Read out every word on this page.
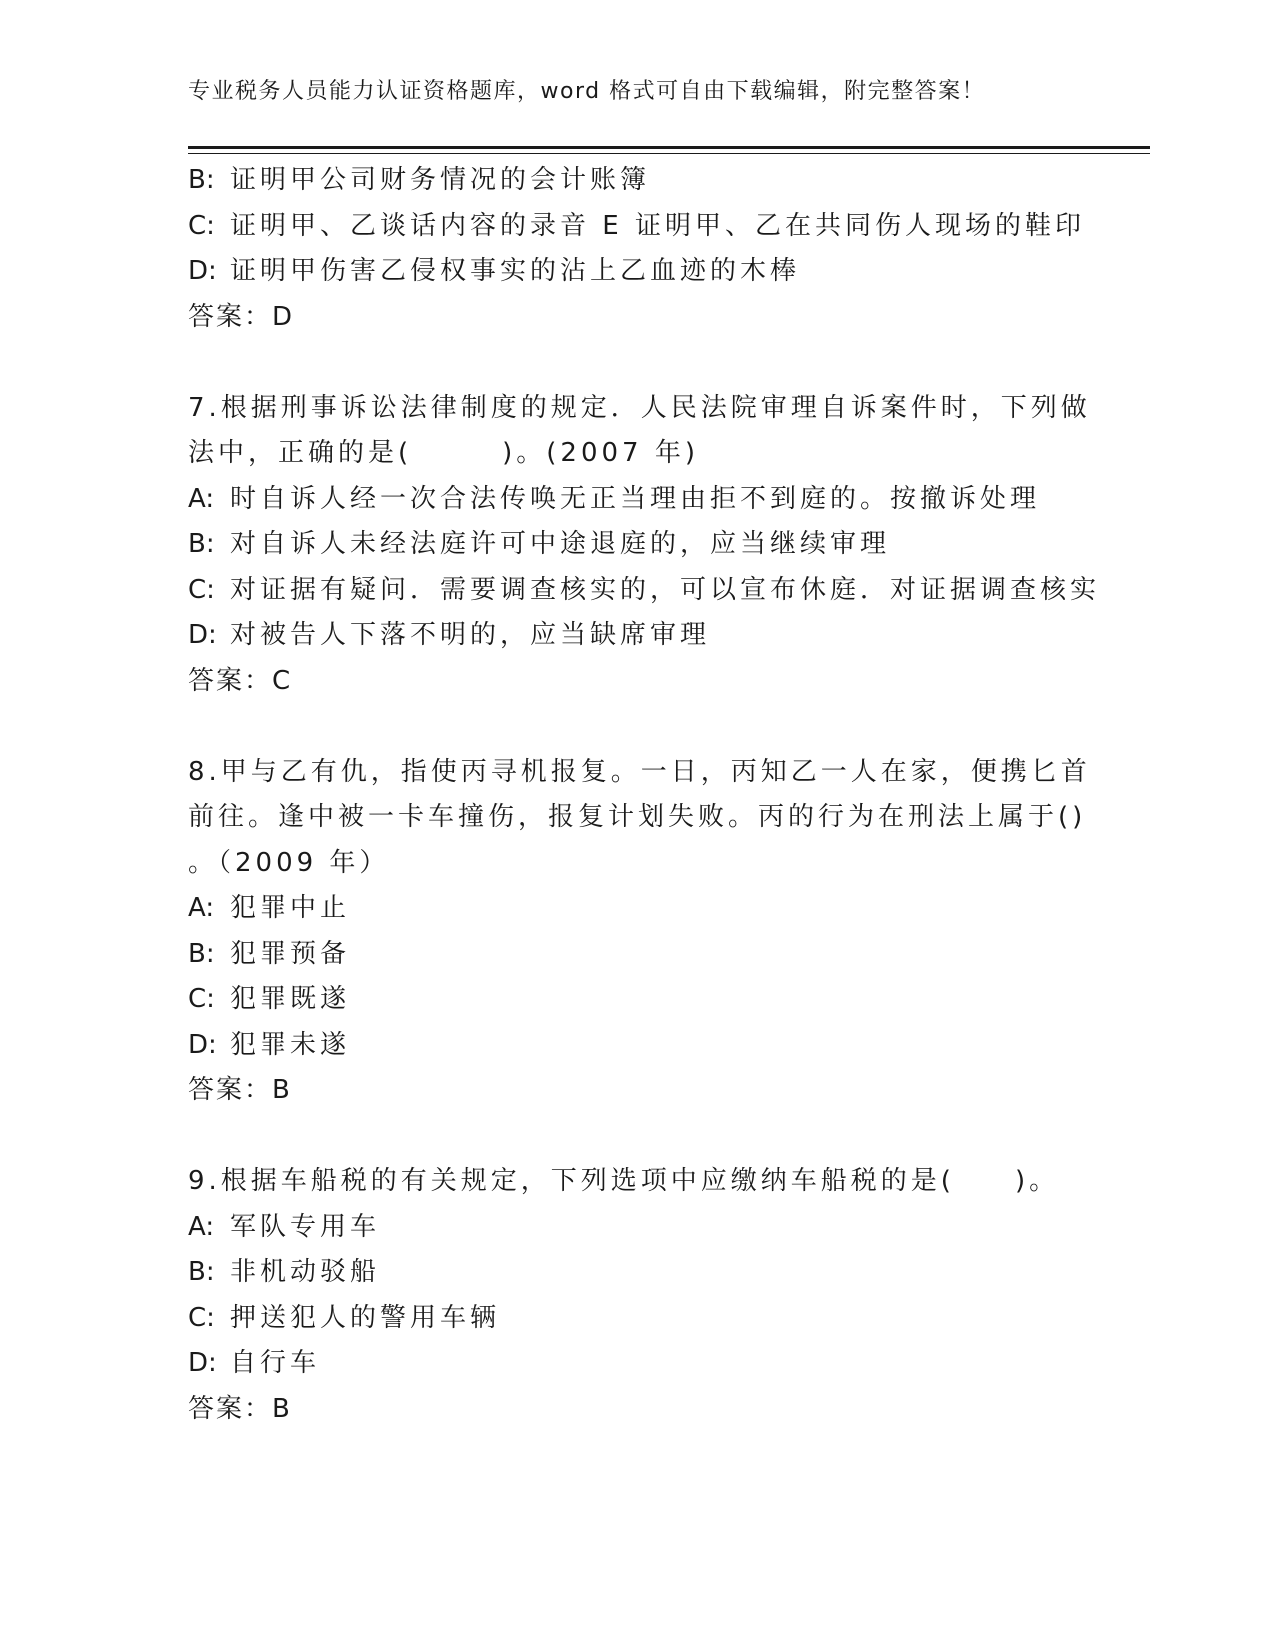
专业税务人员能力认证资格题库，word 格式可自由下载编辑，附完整答案！
B: 证明甲公司财务情况的会计账簿
C: 证明甲、乙谈话内容的录音 E 证明甲、乙在共同伤人现场的鞋印
D: 证明甲伤害乙侵权事实的沾上乙血迹的木棒
答案：D
7.根据刑事诉讼法律制度的规定．人民法院审理自诉案件时，下列做
法中，正确的是(　　　)。(2007 年)
A: 时自诉人经一次合法传唤无正当理由拒不到庭的。按撤诉处理
B: 对自诉人未经法庭许可中途退庭的，应当继续审理
C: 对证据有疑问．需要调查核实的，可以宣布休庭．对证据调查核实
D: 对被告人下落不明的，应当缺席审理
答案：C
8.甲与乙有仇，指使丙寻机报复。一日，丙知乙一人在家，便携匕首
前往。逢中被一卡车撞伤，报复计划失败。丙的行为在刑法上属于()
。（2009 年）
A: 犯罪中止
B: 犯罪预备
C: 犯罪既遂
D: 犯罪未遂
答案：B
9.根据车船税的有关规定，下列选项中应缴纳车船税的是(　　)。
A: 军队专用车
B: 非机动驳船
C: 押送犯人的警用车辆
D: 自行车
答案：B
